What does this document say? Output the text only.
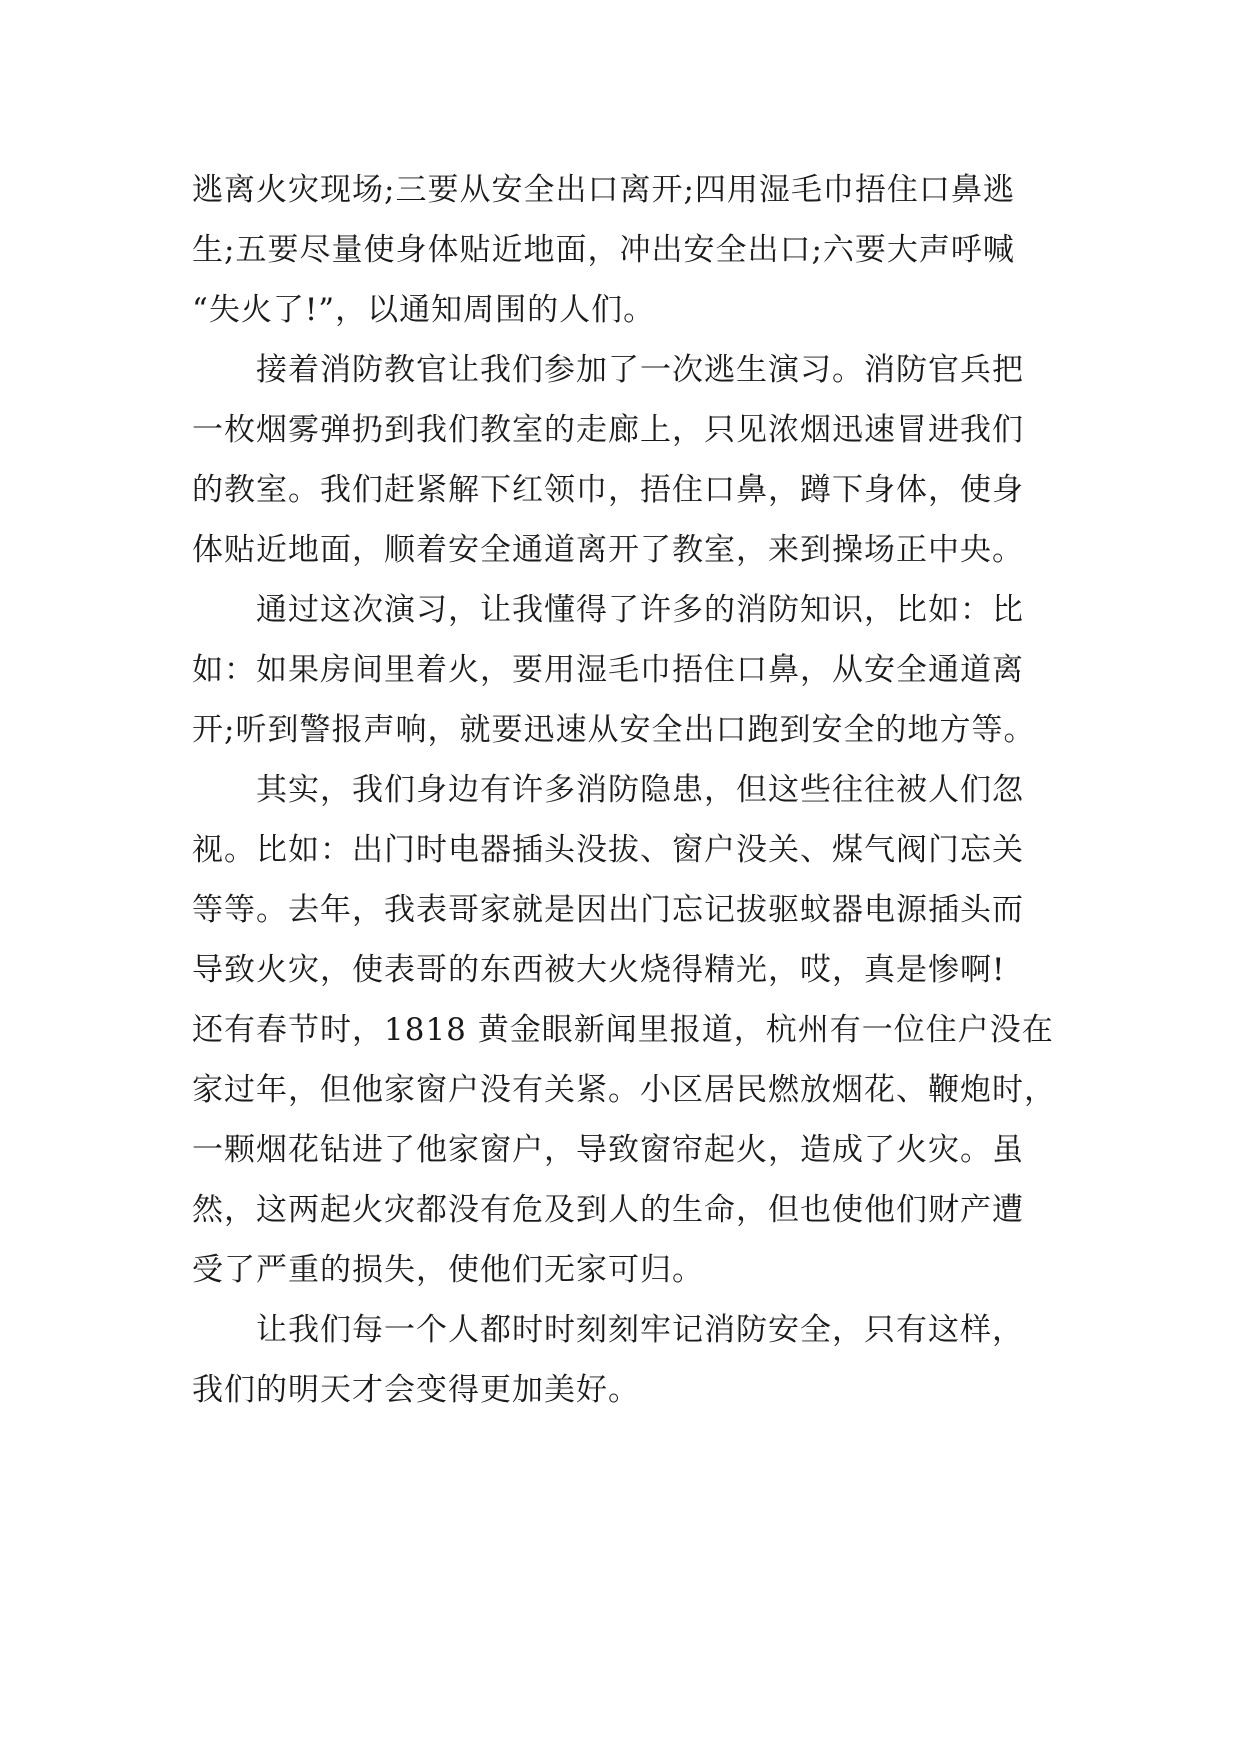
逃离火灾现场;三要从安全出口离开;四用湿毛巾捂住口鼻逃
生;五要尽量使身体贴近地面，冲出安全出口;六要大声呼喊
“失火了!”，以通知周围的人们。
接着消防教官让我们参加了一次逃生演习。消防官兵把
一枚烟雾弹扔到我们教室的走廊上，只见浓烟迅速冒进我们
的教室。我们赶紧解下红领巾，捂住口鼻，蹲下身体，使身
体贴近地面，顺着安全通道离开了教室，来到操场正中央。
通过这次演习，让我懂得了许多的消防知识，比如：比
如：如果房间里着火，要用湿毛巾捂住口鼻，从安全通道离
开;听到警报声响，就要迅速从安全出口跑到安全的地方等。
其实，我们身边有许多消防隐患，但这些往往被人们忽
视。比如：出门时电器插头没拔、窗户没关、煤气阀门忘关
等等。去年，我表哥家就是因出门忘记拔驱蚊器电源插头而
导致火灾，使表哥的东西被大火烧得精光，哎，真是惨啊!
还有春节时，1818 黄金眼新闻里报道，杭州有一位住户没在
家过年，但他家窗户没有关紧。小区居民燃放烟花、鞭炮时，
一颗烟花钻进了他家窗户，导致窗帘起火，造成了火灾。虽
然，这两起火灾都没有危及到人的生命，但也使他们财产遭
受了严重的损失，使他们无家可归。
让我们每一个人都时时刻刻牢记消防安全，只有这样，
我们的明天才会变得更加美好。
